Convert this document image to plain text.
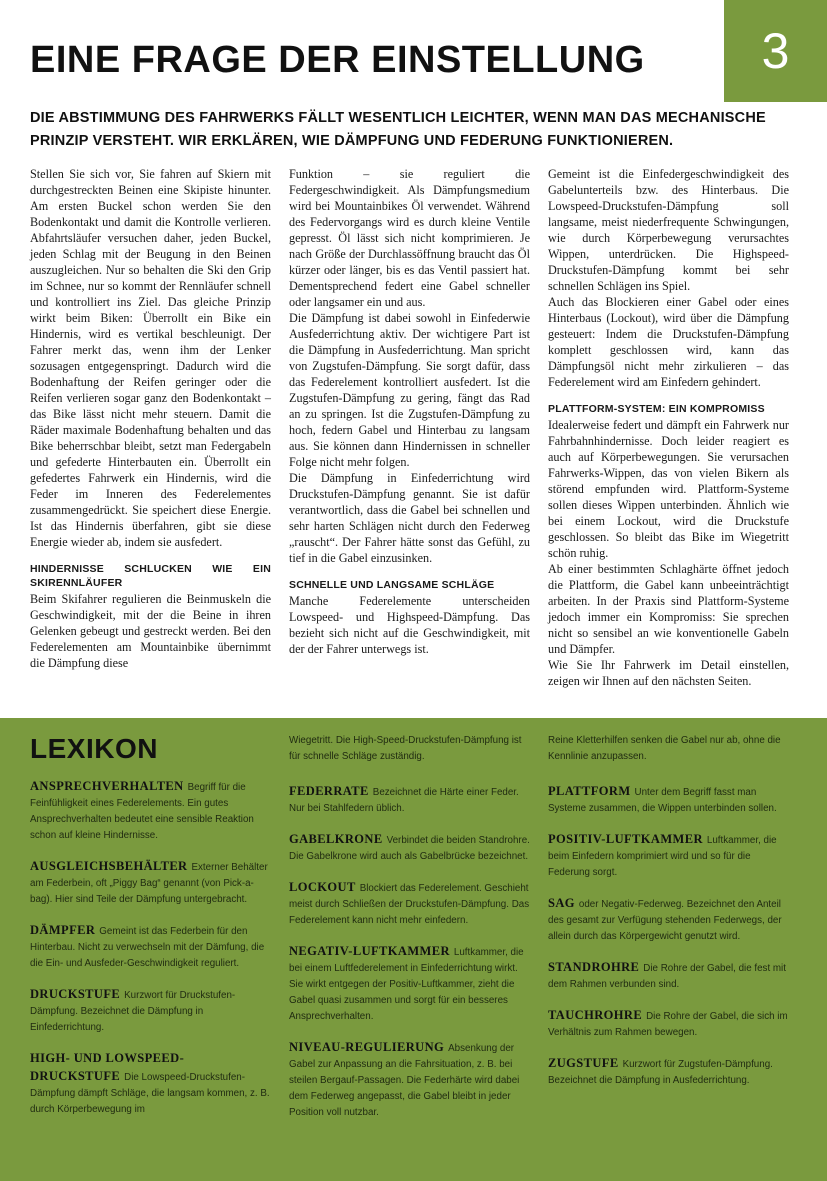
EINE FRAGE DER EINSTELLUNG 3
DIE ABSTIMMUNG DES FAHRWERKS FÄLLT WESENTLICH LEICHTER, WENN MAN DAS MECHANISCHE PRINZIP VERSTEHT. WIR ERKLÄREN, WIE DÄMPFUNG UND FEDERUNG FUNKTIONIEREN.

Stellen Sie sich vor, Sie fahren auf Skiern mit durchgestreckten Beinen eine Skipiste hinunter. Am ersten Buckel schon werden Sie den Bodenkontakt und damit die Kontrolle verlieren. Abfahrtsläufer versuchen daher, jeden Buckel, jeden Schlag mit der Beugung in den Beinen auszugleichen. Nur so behalten die Ski den Grip im Schnee, nur so kommt der Rennläufer schnell und kontrolliert ins Ziel. Das gleiche Prinzip wirkt beim Biken: Überrollt ein Bike ein Hindernis, wird es vertikal beschleunigt. Der Fahrer merkt das, wenn ihm der Lenker sozusagen entgegenspringt. Dadurch wird die Bodenhaftung der Reifen geringer oder die Reifen verlieren sogar ganz den Bodenkontakt – das Bike lässt nicht mehr steuern. Damit die Räder maximale Bodenhaftung behalten und das Bike beherrschbar bleibt, setzt man Federgabeln und gefederte Hinterbauten ein. Überrollt ein gefedertes Fahrwerk ein Hindernis, wird die Feder im Inneren des Federelementes zusammengedrückt. Sie speichert diese Energie. Ist das Hindernis überfahren, gibt sie diese Energie wieder ab, indem sie ausfedert.

HINDERNISSE SCHLUCKEN WIE EIN SKIRENNLÄUFER

Beim Skifahrer regulieren die Beinmuskeln die Geschwindigkeit, mit der die Beine in ihren Gelenken gebeugt und gestreckt werden. Bei den Federelementen am Mountainbike übernimmt die Dämpfung diese

Funktion – sie reguliert die Federgeschwindigkeit. Als Dämpfungsmedium wird bei Mountainbikes Öl verwendet. Während des Federvorgangs wird es durch kleine Ventile gepresst. Öl lässt sich nicht komprimieren. Je nach Größe der Durchlassöffnung braucht das Öl kürzer oder länger, bis es das Ventil passiert hat. Dementsprechend federt eine Gabel schneller oder langsamer ein und aus.

Die Dämpfung ist dabei sowohl in Einfederwie Ausfederrichtung aktiv. Der wichtigere Part ist die Dämpfung in Ausfederrichtung. Man spricht von Zugstufen-Dämpfung. Sie sorgt dafür, dass das Federelement kontrolliert ausfedert. Ist die Zugstufen-Dämpfung zu gering, fängt das Rad an zu springen. Ist die Zugstufen-Dämpfung zu hoch, federn Gabel und Hinterbau zu langsam aus. Sie können dann Hindernissen in schneller Folge nicht mehr folgen.

Die Dämpfung in Einfederrichtung wird Druckstufen-Dämpfung genannt. Sie ist dafür verantwortlich, dass die Gabel bei schnellen und sehr harten Schlägen nicht durch den Federweg „rauscht“. Der Fahrer hätte sonst das Gefühl, zu tief in die Gabel einzusinken.

SCHNELLE UND LANGSAME SCHLÄGE

Manche Federelemente unterscheiden Lowspeed- und Highspeed-Dämpfung. Das bezieht sich nicht auf die Geschwindigkeit, mit der der Fahrer unterwegs ist.

Gemeint ist die Einfedergeschwindigkeit des Gabelunterteils bzw. des Hinterbaus. Die Lowspeed-Druckstufen-Dämpfung soll langsame, meist niederfrequente Schwingungen, wie durch Körperbewegung verursachtes Wippen, unterdrücken. Die Highspeed-Druckstufen-Dämpfung kommt bei sehr schnellen Schlägen ins Spiel.

Auch das Blockieren einer Gabel oder eines Hinterbaus (Lockout), wird über die Dämpfung gesteuert: Indem die Druckstufen-Dämpfung komplett geschlossen wird, kann das Dämpfungsöl nicht mehr zirkulieren – das Federelement wird am Einfedern gehindert.

PLATTFORM-SYSTEM: EIN KOMPROMISS

Idealerweise federt und dämpft ein Fahrwerk nur Fahrbahnhindernisse. Doch leider reagiert es auch auf Körperbewegungen. Sie verursachen Fahrwerks-Wippen, das von vielen Bikern als störend empfunden wird. Plattform-Systeme sollen dieses Wippen unterbinden. Ähnlich wie bei einem Lockout, wird die Druckstufe geschlossen. So bleibt das Bike im Wiegetritt schön ruhig.

Ab einer bestimmten Schlaghärte öffnet jedoch die Plattform, die Gabel kann unbeeinträchtigt arbeiten. In der Praxis sind Plattform-Systeme jedoch immer ein Kompromiss: Sie sprechen nicht so sensibel an wie konventionelle Gabeln und Dämpfer.

Wie Sie Ihr Fahrwerk im Detail einstellen, zeigen wir Ihnen auf den nächsten Seiten.

LEXIKON
ANSPRECHVERHALTEN Begriff für die Feinfühligkeit eines Federelements. Ein gutes Ansprechverhalten bedeutet eine sensible Reaktion schon auf kleine Hindernisse.
AUSGLEICHSBEHÄLTER Externer Behälter am Federbein, oft „Piggy Bag“ genannt (von Pick-a-bag). Hier sind Teile der Dämpfung untergebracht.
DÄMPFER Gemeint ist das Federbein für den Hinterbau. Nicht zu verwechseln mit der Dämfung, die die Ein- und Ausfeder-Geschwindigkeit reguliert.
DRUCKSTUFE Kurzwort für Druckstufen-Dämpfung. Bezeichnet die Dämpfung in Einfederrichtung.
HIGH- UND LOWSPEED-DRUCKSTUFE Die Lowspeed-Druckstufen-Dämpfung dämpft Schläge, die langsam kommen, z. B. durch Körperbewegung im
Wiegetritt. Die High-Speed-Druckstufen-Dämpfung ist für schnelle Schläge zuständig.
FEDERRATE Bezeichnet die Härte einer Feder. Nur bei Stahlfedern üblich.
GABELKRONE Verbindet die beiden Standrohre. Die Gabelkrone wird auch als Gabelbrücke bezeichnet.
LOCKOUT Blockiert das Federelement. Geschieht meist durch Schließen der Druckstufen-Dämpfung. Das Federelement kann nicht mehr einfedern.
NEGATIV-LUFTKAMMER Luftkammer, die bei einem Luftfederelement in Einfederrichtung wirkt. Sie wirkt entgegen der Positiv-Luftkammer, zieht die Gabel quasi zusammen und sorgt für ein besseres Ansprechverhalten.
NIVEAU-REGULIERUNG Absenkung der Gabel zur Anpassung an die Fahrsituation, z. B. bei steilen Bergauf-Passagen. Die Federhärte wird dabei dem Federweg angepasst, die Gabel bleibt in jeder Position voll nutzbar.
Reine Kletterhilfen senken die Gabel nur ab, ohne die Kennlinie anzupassen.
PLATTFORM Unter dem Begriff fasst man Systeme zusammen, die Wippen unterbinden sollen.
POSITIV-LUFTKAMMER Luftkammer, die beim Einfedern komprimiert wird und so für die Federung sorgt.
SAG oder Negativ-Federweg. Bezeichnet den Anteil des gesamt zur Verfügung stehenden Federwegs, der allein durch das Körpergewicht genutzt wird.
STANDROHRE Die Rohre der Gabel, die fest mit dem Rahmen verbunden sind.
TAUCHROHRE Die Rohre der Gabel, die sich im Verhältnis zum Rahmen bewegen.
ZUGSTUFE Kurzwort für Zugstufen-Dämpfung. Bezeichnet die Dämpfung in Ausfederrichtung.
